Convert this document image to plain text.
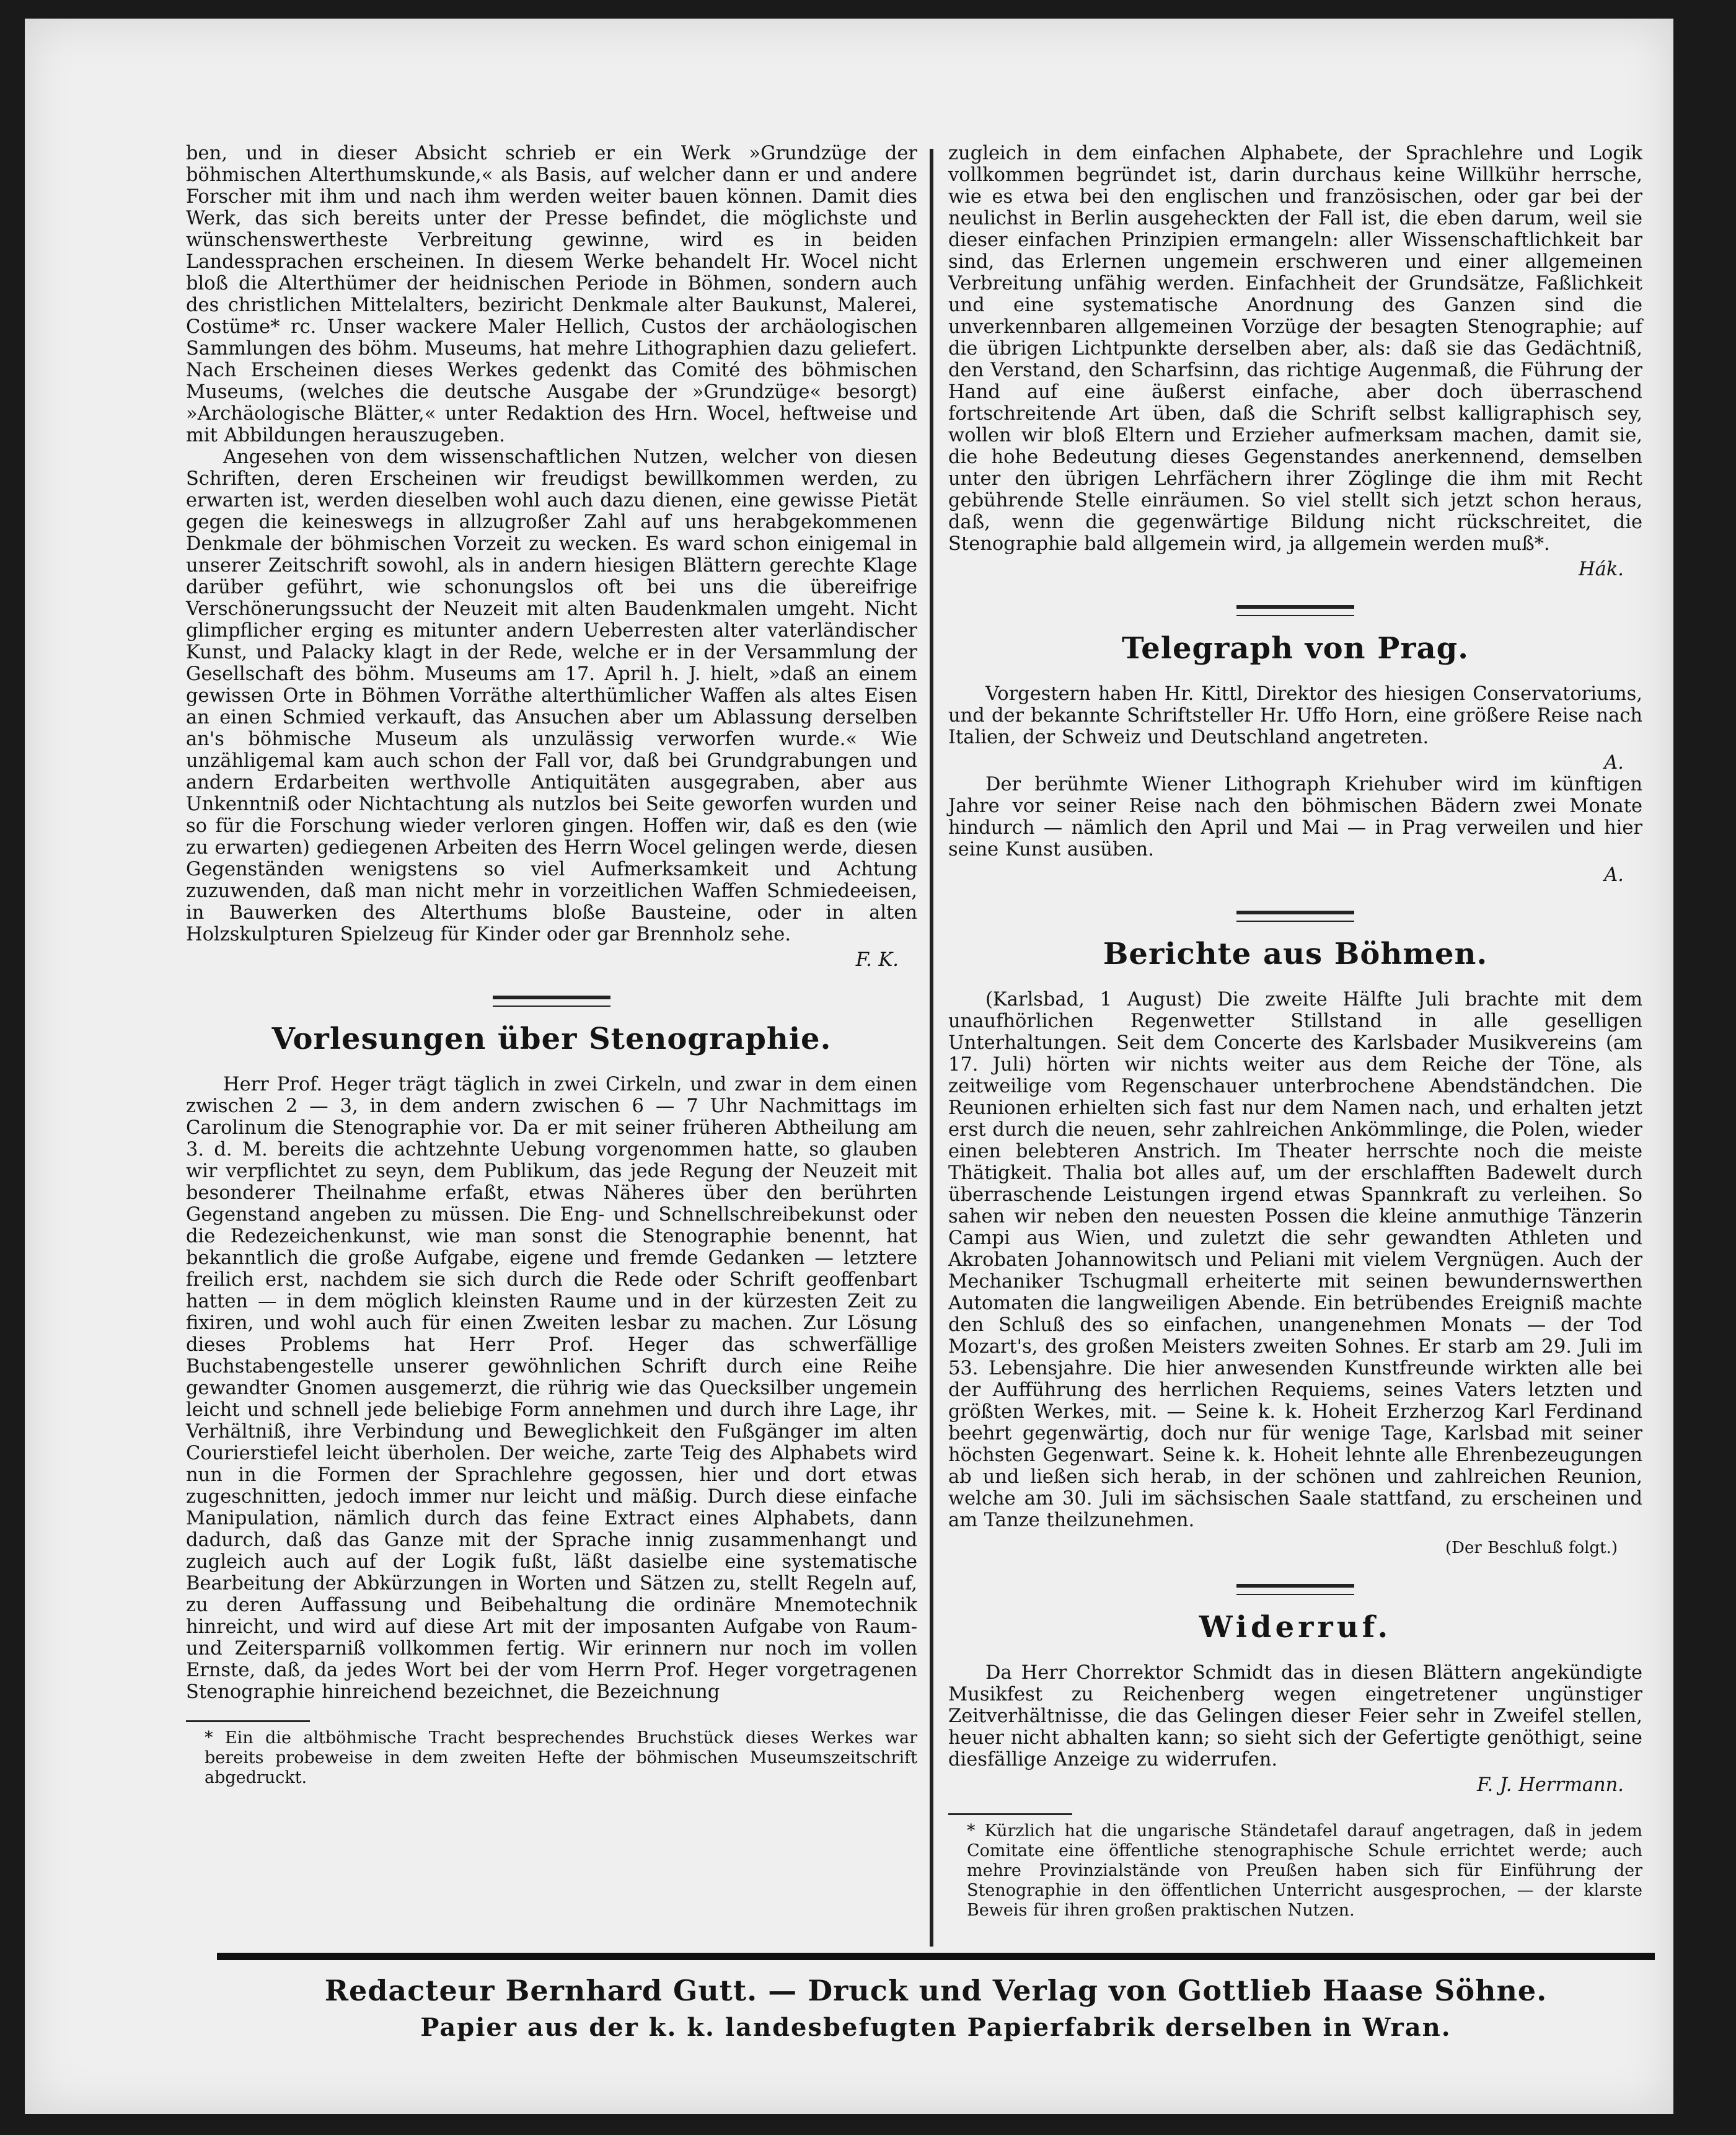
ben, und in dieser Absicht schrieb er ein Werk »Grundzüge der böhmischen Alterthumskunde,« als Basis, auf welcher dann er und andere Forscher mit ihm und nach ihm werden weiter bauen können. Damit dies Werk, das sich bereits unter der Presse befindet, die möglichste und wünschenswertheste Verbreitung gewinne, wird es in beiden Landessprachen erscheinen. In diesem Werke behandelt Hr. Wocel nicht bloß die Alterthümer der heidnischen Periode in Böhmen, sondern auch des christlichen Mittelalters, beziricht Denkmale alter Baukunst, Malerei, Costüme* rc. Unser wackere Maler Hellich, Custos der archäologischen Sammlungen des böhm. Museums, hat mehre Lithographien dazu geliefert. Nach Erscheinen dieses Werkes gedenkt das Comité des böhmischen Museums, (welches die deutsche Ausgabe der »Grundzüge« besorgt) »Archäologische Blätter,« unter Redaktion des Hrn. Wocel, heftweise und mit Abbildungen herauszugeben.

Angesehen von dem wissenschaftlichen Nutzen, welcher von diesen Schriften, deren Erscheinen wir freudigst bewillkommen werden, zu erwarten ist, werden dieselben wohl auch dazu dienen, eine gewisse Pietät gegen die keineswegs in allzugroßer Zahl auf uns herabgekommenen Denkmale der böhmischen Vorzeit zu wecken. Es ward schon einigemal in unserer Zeitschrift sowohl, als in andern hiesigen Blättern gerechte Klage darüber geführt, wie schonungslos oft bei uns die übereifrige Verschönerungssucht der Neuzeit mit alten Baudenkmalen umgeht. Nicht glimpflicher erging es mitunter andern Ueberresten alter vaterländischer Kunst, und Palacky klagt in der Rede, welche er in der Versammlung der Gesellschaft des böhm. Museums am 17. April h. J. hielt, »daß an einem gewissen Orte in Böhmen Vorräthe alterthümlicher Waffen als altes Eisen an einen Schmied verkauft, das Ansuchen aber um Ablassung derselben an's böhmische Museum als unzulässig verworfen wurde.« Wie unzähligemal kam auch schon der Fall vor, daß bei Grundgrabungen und andern Erdarbeiten werthvolle Antiquitäten ausgegraben, aber aus Unkenntniß oder Nichtachtung als nutzlos bei Seite geworfen wurden und so für die Forschung wieder verloren gingen. Hoffen wir, daß es den (wie zu erwarten) gediegenen Arbeiten des Herrn Wocel gelingen werde, diesen Gegenständen wenigstens so viel Aufmerksamkeit und Achtung zuzuwenden, daß man nicht mehr in vorzeitlichen Waffen Schmiedeeisen, in Bauwerken des Alterthums bloße Bausteine, oder in alten Holzskulpturen Spielzeug für Kinder oder gar Brennholz sehe.

F. K.
Vorlesungen über Stenographie.

Herr Prof. Heger trägt täglich in zwei Cirkeln, und zwar in dem einen zwischen 2 — 3, in dem andern zwischen 6 — 7 Uhr Nachmittags im Carolinum die Stenographie vor. Da er mit seiner früheren Abtheilung am 3. d. M. bereits die achtzehnte Uebung vorgenommen hatte, so glauben wir verpflichtet zu seyn, dem Publikum, das jede Regung der Neuzeit mit besonderer Theilnahme erfaßt, etwas Näheres über den berührten Gegenstand angeben zu müssen. Die Eng- und Schnellschreibekunst oder die Redezeichenkunst, wie man sonst die Stenographie benennt, hat bekanntlich die große Aufgabe, eigene und fremde Gedanken — letztere freilich erst, nachdem sie sich durch die Rede oder Schrift geoffenbart hatten — in dem möglich kleinsten Raume und in der kürzesten Zeit zu fixiren, und wohl auch für einen Zweiten lesbar zu machen. Zur Lösung dieses Problems hat Herr Prof. Heger das schwerfällige Buchstabengestelle unserer gewöhnlichen Schrift durch eine Reihe gewandter Gnomen ausgemerzt, die rührig wie das Quecksilber ungemein leicht und schnell jede beliebige Form annehmen und durch ihre Lage, ihr Verhältniß, ihre Verbindung und Beweglichkeit den Fußgänger im alten Courierstiefel leicht überholen. Der weiche, zarte Teig des Alphabets wird nun in die Formen der Sprachlehre gegossen, hier und dort etwas zugeschnitten, jedoch immer nur leicht und mäßig. Durch diese einfache Manipulation, nämlich durch das feine Extract eines Alphabets, dann dadurch, daß das Ganze mit der Sprache innig zusammenhangt und zugleich auch auf der Logik fußt, läßt dasielbe eine systematische Bearbeitung der Abkürzungen in Worten und Sätzen zu, stellt Regeln auf, zu deren Auffassung und Beibehaltung die ordinäre Mnemotechnik hinreicht, und wird auf diese Art mit der imposanten Aufgabe von Raum- und Zeitersparniß vollkommen fertig. Wir erinnern nur noch im vollen Ernste, daß, da jedes Wort bei der vom Herrn Prof. Heger vorgetragenen Stenographie hinreichend bezeichnet, die Bezeichnung

* Ein die altböhmische Tracht besprechendes Bruchstück dieses Werkes war bereits probeweise in dem zweiten Hefte der böhmischen Museumszeitschrift abgedruckt.

zugleich in dem einfachen Alphabete, der Sprachlehre und Logik vollkommen begründet ist, darin durchaus keine Willkühr herrsche, wie es etwa bei den englischen und französischen, oder gar bei der neulichst in Berlin ausgeheckten der Fall ist, die eben darum, weil sie dieser einfachen Prinzipien ermangeln: aller Wissenschaftlichkeit bar sind, das Erlernen ungemein erschweren und einer allgemeinen Verbreitung unfähig werden. Einfachheit der Grundsätze, Faßlichkeit und eine systematische Anordnung des Ganzen sind die unverkennbaren allgemeinen Vorzüge der besagten Stenographie; auf die übrigen Lichtpunkte derselben aber, als: daß sie das Gedächtniß, den Verstand, den Scharfsinn, das richtige Augenmaß, die Führung der Hand auf eine äußerst einfache, aber doch überraschend fortschreitende Art üben, daß die Schrift selbst kalligraphisch sey, wollen wir bloß Eltern und Erzieher aufmerksam machen, damit sie, die hohe Bedeutung dieses Gegenstandes anerkennend, demselben unter den übrigen Lehrfächern ihrer Zöglinge die ihm mit Recht gebührende Stelle einräumen. So viel stellt sich jetzt schon heraus, daß, wenn die gegenwärtige Bildung nicht rückschreitet, die Stenographie bald allgemein wird, ja allgemein werden muß*.

Hák.
Telegraph von Prag.

Vorgestern haben Hr. Kittl, Direktor des hiesigen Conservatoriums, und der bekannte Schriftsteller Hr. Uffo Horn, eine größere Reise nach Italien, der Schweiz und Deutschland angetreten.

A.

Der berühmte Wiener Lithograph Kriehuber wird im künftigen Jahre vor seiner Reise nach den böhmischen Bädern zwei Monate hindurch — nämlich den April und Mai — in Prag verweilen und hier seine Kunst ausüben.

A.
Berichte aus Böhmen.

(Karlsbad, 1 August) Die zweite Hälfte Juli brachte mit dem unaufhörlichen Regenwetter Stillstand in alle geselligen Unterhaltungen. Seit dem Concerte des Karlsbader Musikvereins (am 17. Juli) hörten wir nichts weiter aus dem Reiche der Töne, als zeitweilige vom Regenschauer unterbrochene Abendständchen. Die Reunionen erhielten sich fast nur dem Namen nach, und erhalten jetzt erst durch die neuen, sehr zahlreichen Ankömmlinge, die Polen, wieder einen belebteren Anstrich. Im Theater herrschte noch die meiste Thätigkeit. Thalia bot alles auf, um der erschlafften Badewelt durch überraschende Leistungen irgend etwas Spannkraft zu verleihen. So sahen wir neben den neuesten Possen die kleine anmuthige Tänzerin Campi aus Wien, und zuletzt die sehr gewandten Athleten und Akrobaten Johannowitsch und Peliani mit vielem Vergnügen. Auch der Mechaniker Tschugmall erheiterte mit seinen bewundernswerthen Automaten die langweiligen Abende. Ein betrübendes Ereigniß machte den Schluß des so einfachen, unangenehmen Monats — der Tod Mozart's, des großen Meisters zweiten Sohnes. Er starb am 29. Juli im 53. Lebensjahre. Die hier anwesenden Kunstfreunde wirkten alle bei der Aufführung des herrlichen Requiems, seines Vaters letzten und größten Werkes, mit. — Seine k. k. Hoheit Erzherzog Karl Ferdinand beehrt gegenwärtig, doch nur für wenige Tage, Karlsbad mit seiner höchsten Gegenwart. Seine k. k. Hoheit lehnte alle Ehrenbezeugungen ab und ließen sich herab, in der schönen und zahlreichen Reunion, welche am 30. Juli im sächsischen Saale stattfand, zu erscheinen und am Tanze theilzunehmen.

(Der Beschluß folgt.)
Widerruf.

Da Herr Chorrektor Schmidt das in diesen Blättern angekündigte Musikfest zu Reichenberg wegen eingetretener ungünstiger Zeitverhältnisse, die das Gelingen dieser Feier sehr in Zweifel stellen, heuer nicht abhalten kann; so sieht sich der Gefertigte genöthigt, seine diesfällige Anzeige zu widerrufen.

F. J. Herrmann.

* Kürzlich hat die ungarische Ständetafel darauf angetragen, daß in jedem Comitate eine öffentliche stenographische Schule errichtet werde; auch mehre Provinzialstände von Preußen haben sich für Einführung der Stenographie in den öffentlichen Unterricht ausgesprochen, — der klarste Beweis für ihren großen praktischen Nutzen.

Redacteur Bernhard Gutt. — Druck und Verlag von Gottlieb Haase Söhne.
Papier aus der k. k. landesbefugten Papierfabrik derselben in Wran.
